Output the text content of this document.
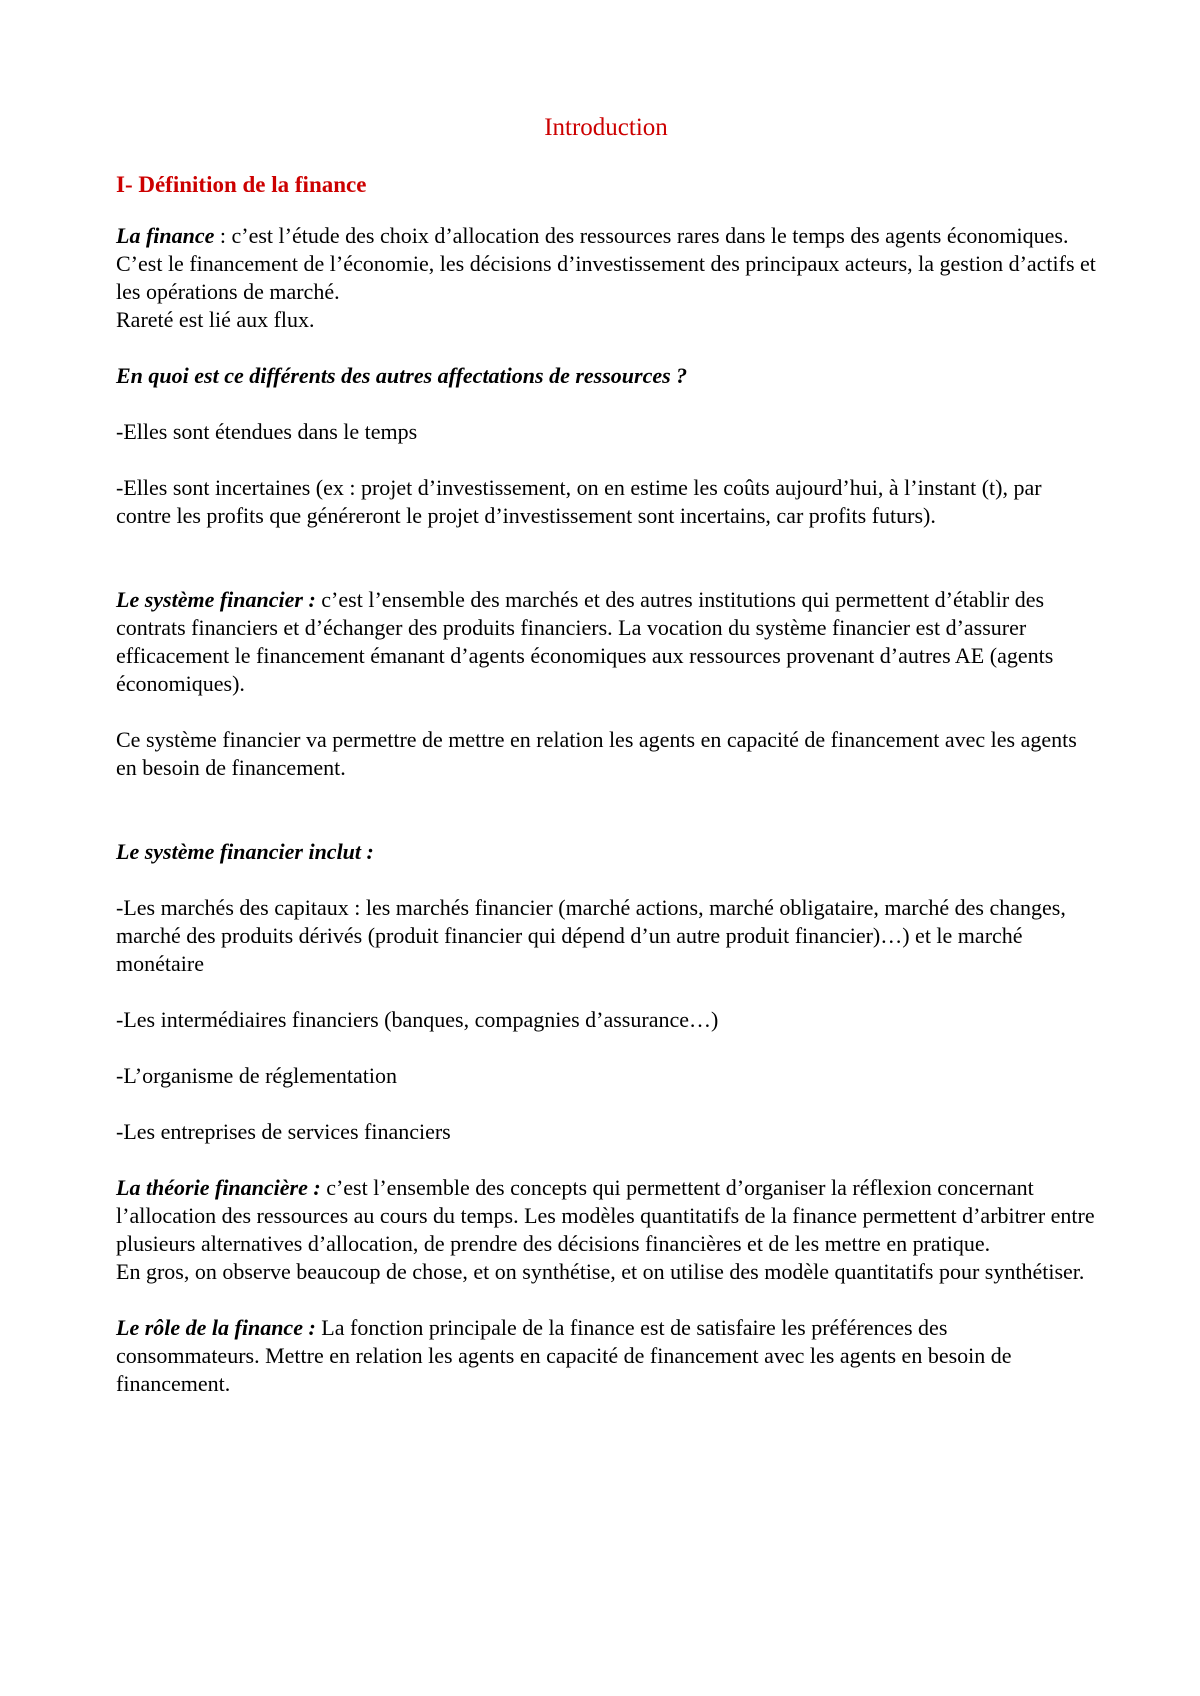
Introduction
I- Définition de la finance

La finance : c’est l’étude des choix d’allocation des ressources rares dans le temps des agents économiques. C’est le financement de l’économie, les décisions d’investissement des principaux acteurs, la gestion d’actifs et les opérations de marché.

Rareté est lié aux flux.

En quoi est ce différents des autres affectations de ressources ?

-Elles sont étendues dans le temps

-Elles sont incertaines (ex : projet d’investissement, on en estime les coûts aujourd’hui, à l’instant (t), par contre les profits que généreront le projet d’investissement sont incertains, car profits futurs).

Le système financier : c’est l’ensemble des marchés et des autres institutions qui permettent d’établir des contrats financiers et d’échanger des produits financiers. La vocation du système financier est d’assurer efficacement le financement émanant d’agents économiques aux ressources provenant d’autres AE (agents économiques).

Ce système financier va permettre de mettre en relation les agents en capacité de financement avec les agents en besoin de financement.

Le système financier inclut :

-Les marchés des capitaux : les marchés financier (marché actions, marché obligataire, marché des changes, marché des produits dérivés (produit financier qui dépend d’un autre produit financier)…) et le marché monétaire

-Les intermédiaires financiers (banques, compagnies d’assurance…)

-L’organisme de réglementation

-Les entreprises de services financiers

La théorie financière : c’est l’ensemble des concepts qui permettent d’organiser la réflexion concernant l’allocation des ressources au cours du temps. Les modèles quantitatifs de la finance permettent d’arbitrer entre plusieurs alternatives d’allocation, de prendre des décisions financières et de les mettre en pratique.

En gros, on observe beaucoup de chose, et on synthétise, et on utilise des modèle quantitatifs pour synthétiser.

Le rôle de la finance : La fonction principale de la finance est de satisfaire les préférences des consommateurs. Mettre en relation les agents en capacité de financement avec les agents en besoin de financement.
